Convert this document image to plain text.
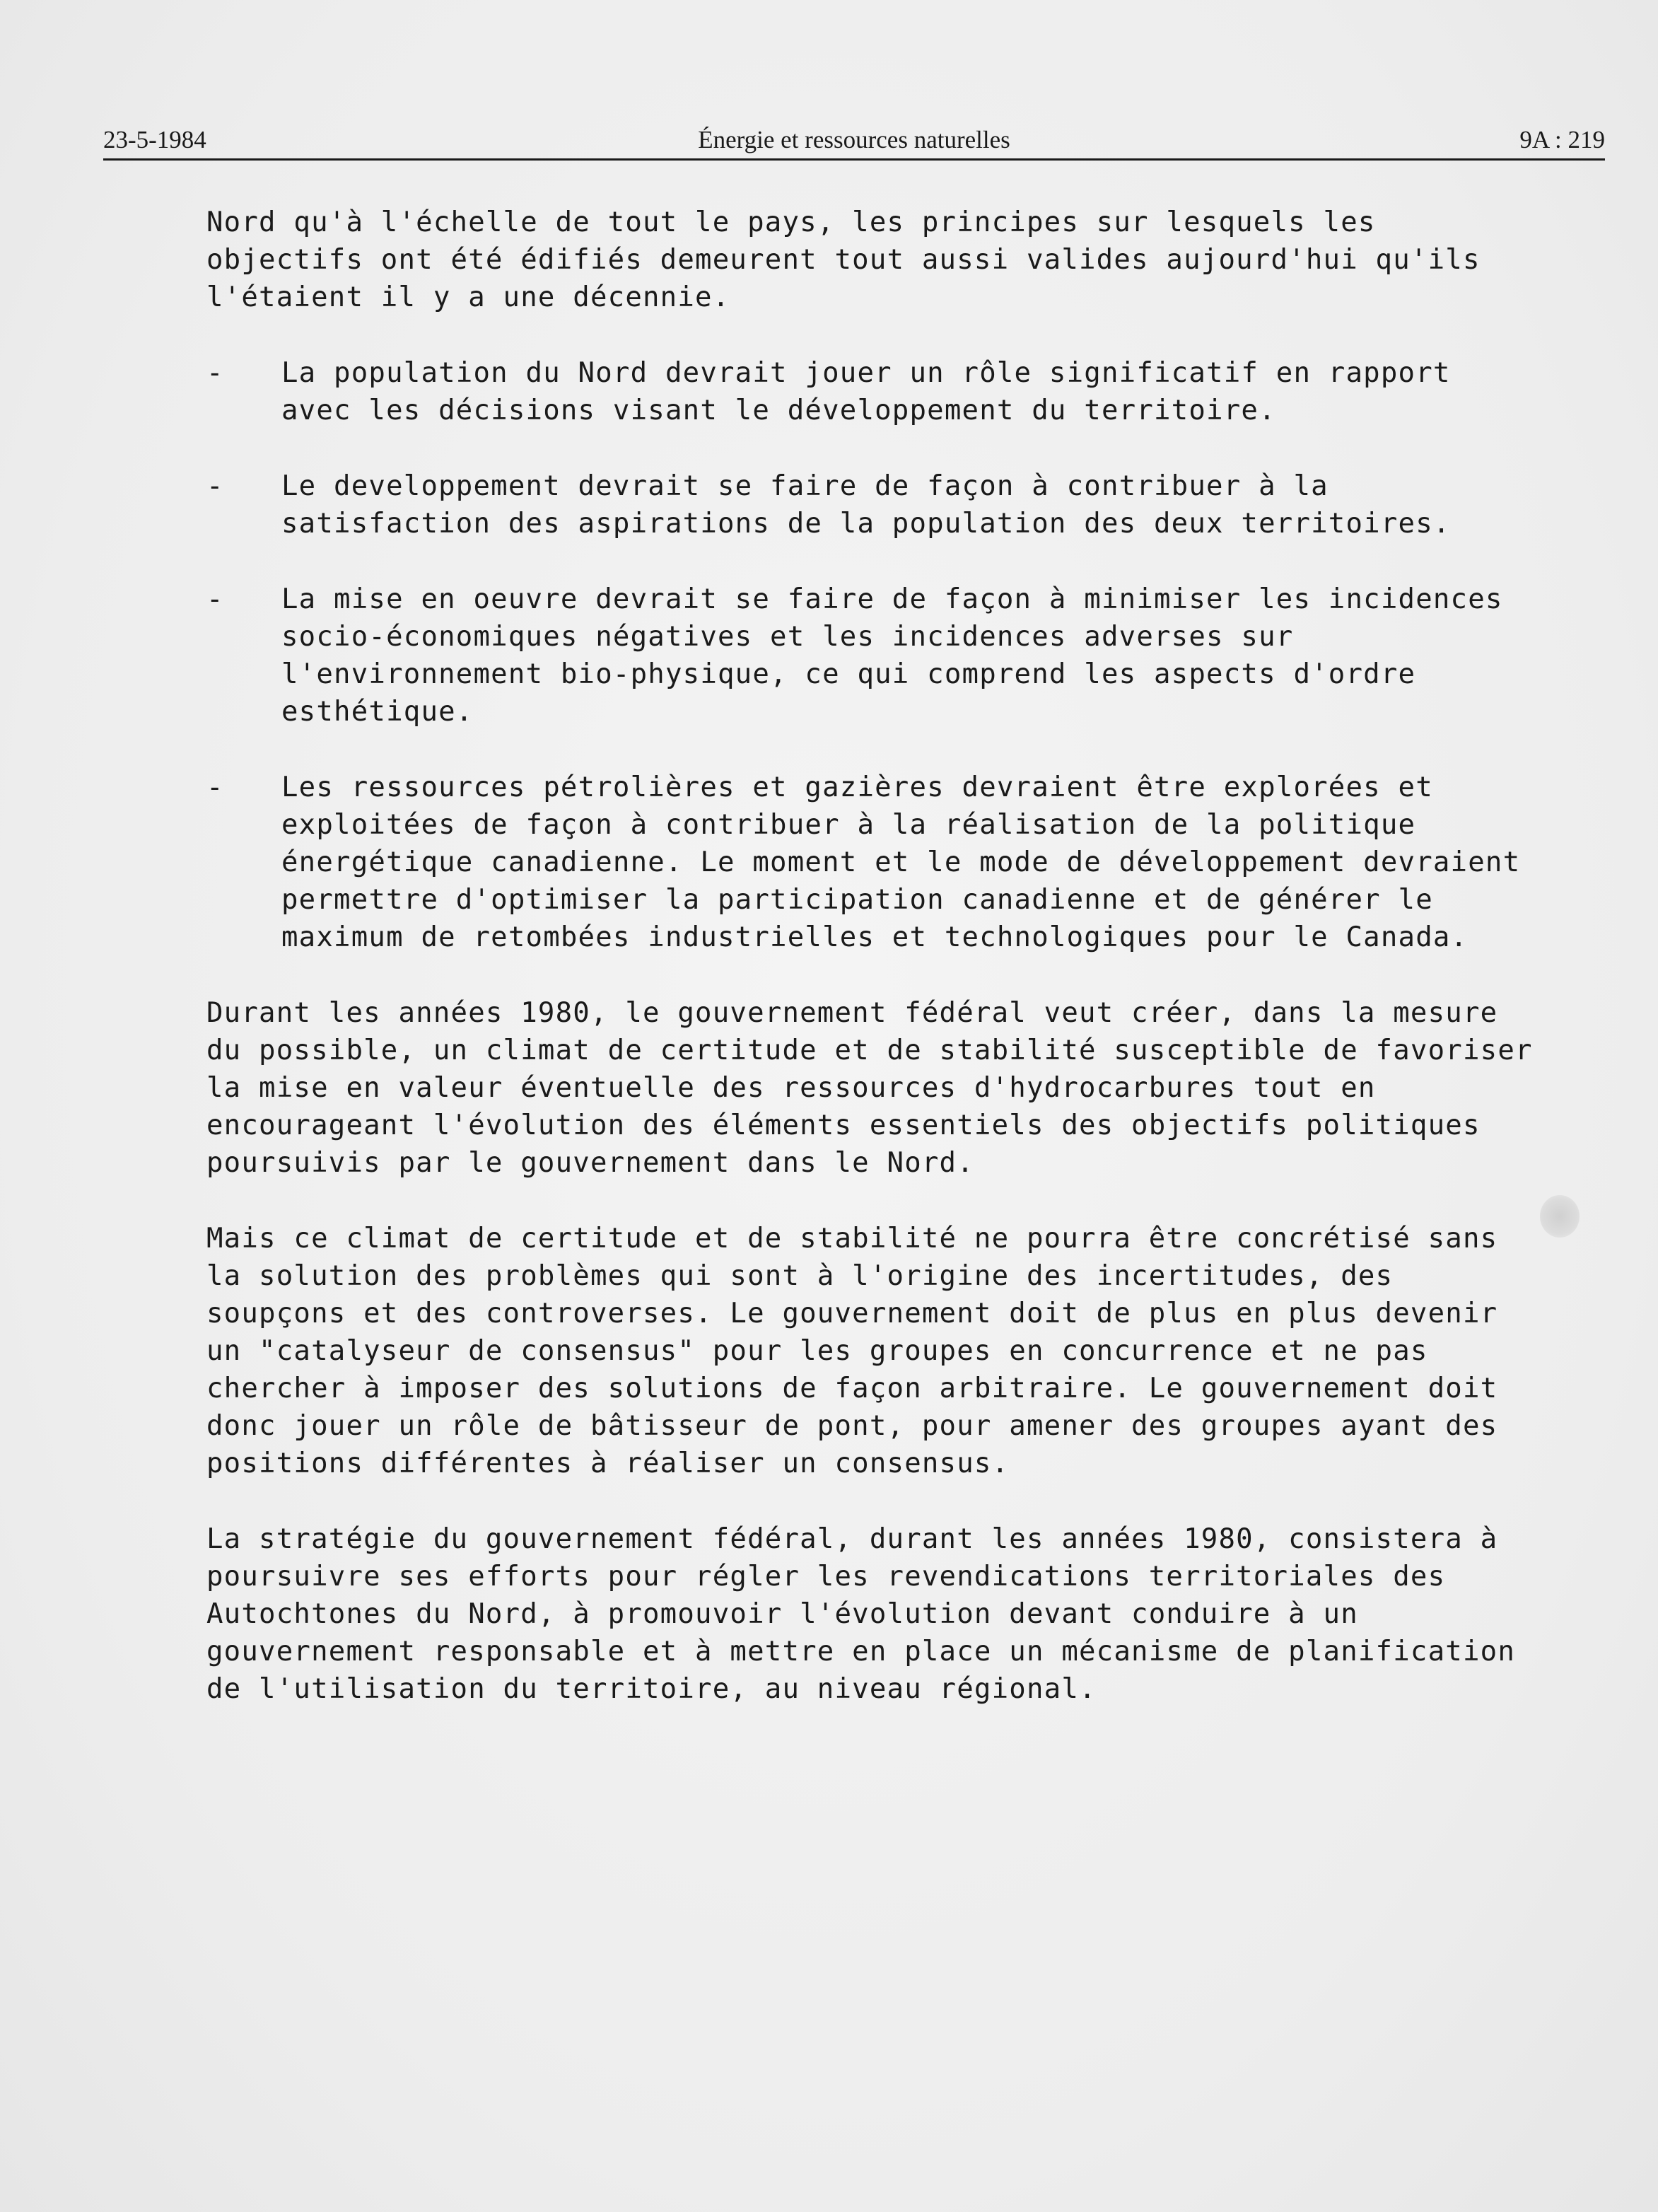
23-5-1984	Énergie et ressources naturelles	9A : 219

Nord qu'à l'échelle de tout le pays, les principes sur lesquels les objectifs ont été édifiés demeurent tout aussi valides aujourd'hui qu'ils l'étaient il y a une décennie.

- La population du Nord devrait jouer un rôle significatif en rapport avec les décisions visant le développement du territoire.
- Le developpement devrait se faire de façon à contribuer à la satisfaction des aspirations de la population des deux territoires.
- La mise en oeuvre devrait se faire de façon à minimiser les incidences socio-économiques négatives et les incidences adverses sur l'environnement bio-physique, ce qui comprend les aspects d'ordre esthétique.
- Les ressources pétrolières et gazières devraient être explorées et exploitées de façon à contribuer à la réalisation de la politique énergétique canadienne. Le moment et le mode de développement devraient permettre d'optimiser la participation canadienne et de générer le maximum de retombées industrielles et technologiques pour le Canada.

Durant les années 1980, le gouvernement fédéral veut créer, dans la mesure du possible, un climat de certitude et de stabilité susceptible de favoriser la mise en valeur éventuelle des ressources d'hydrocarbures tout en encourageant l'évolution des éléments essentiels des objectifs politiques poursuivis par le gouvernement dans le Nord.

Mais ce climat de certitude et de stabilité ne pourra être concrétisé sans la solution des problèmes qui sont à l'origine des incertitudes, des soupçons et des controverses. Le gouvernement doit de plus en plus devenir un "catalyseur de consensus" pour les groupes en concurrence et ne pas chercher à imposer des solutions de façon arbitraire. Le gouvernement doit donc jouer un rôle de bâtisseur de pont, pour amener des groupes ayant des positions différentes à réaliser un consensus.

La stratégie du gouvernement fédéral, durant les années 1980, consistera à poursuivre ses efforts pour régler les revendications territoriales des Autochtones du Nord, à promouvoir l'évolution devant conduire à un gouvernement responsable et à mettre en place un mécanisme de planification de l'utilisation du territoire, au niveau régional.
